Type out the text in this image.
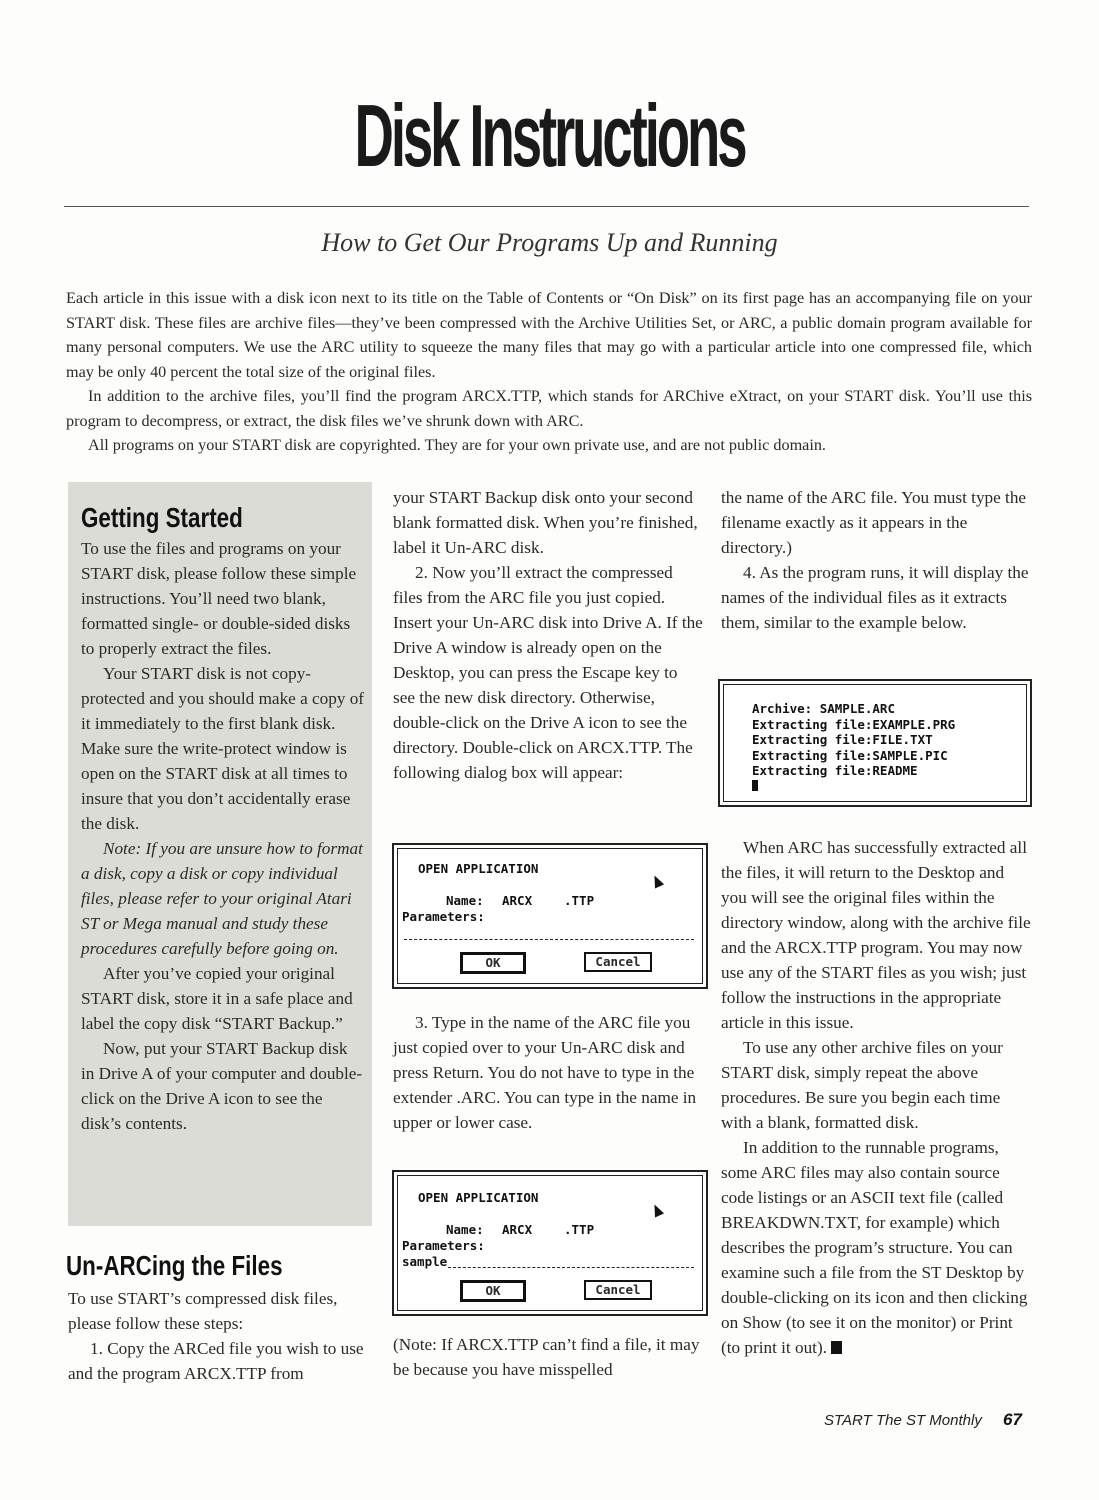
Disk Instructions
How to Get Our Programs Up and Running

Each article in this issue with a disk icon next to its title on the Table of Contents or “On Disk” on its first page has an accompanying file on your START disk. These files are archive files—they’ve been compressed with the Archive Utilities Set, or ARC, a public domain program available for many personal computers. We use the ARC utility to squeeze the many files that may go with a particular article into one compressed file, which may be only 40 percent the total size of the original files.

In addition to the archive files, you’ll find the program ARCX.TTP, which stands for ARChive eXtract, on your START disk. You’ll use this program to decompress, or extract, the disk files we’ve shrunk down with ARC.

All programs on your START disk are copyrighted. They are for your own private use, and are not public domain.

Getting Started

To use the files and programs on your START disk, please follow these simple instructions. You’ll need two blank, formatted single- or double-sided disks to properly extract the files.

Your START disk is not copy-protected and you should make a copy of it immediately to the first blank disk. Make sure the write-protect window is open on the START disk at all times to insure that you don’t accidentally erase the disk.

Note: If you are unsure how to format a disk, copy a disk or copy individual files, please refer to your original Atari ST or Mega manual and study these procedures carefully before going on.

After you’ve copied your original START disk, store it in a safe place and label the copy disk “START Backup.”

Now, put your START Backup disk in Drive A of your computer and double-click on the Drive A icon to see the disk’s contents.

Un-ARCing the Files

To use START’s compressed disk files, please follow these steps:

1. Copy the ARCed file you wish to use and the program ARCX.TTP from

your START Backup disk onto your second blank formatted disk. When you’re finished, label it Un-ARC disk.

2. Now you’ll extract the compressed files from the ARC file you just copied. Insert your Un-ARC disk into Drive A. If the Drive A window is already open on the Desktop, you can press the Escape key to see the new disk directory. Otherwise, double-click on the Drive A icon to see the directory. Double-click on ARCX.TTP. The following dialog box will appear:

OPEN APPLICATION
Name: ARCX	.TTP
Parameters:
OK	Cancel

3. Type in the name of the ARC file you just copied over to your Un-ARC disk and press Return. You do not have to type in the extender .ARC. You can type in the name in upper or lower case.

OPEN APPLICATION
Name: ARCX	.TTP
Parameters:
sample
OK	Cancel

(Note: If ARCX.TTP can’t find a file, it may be because you have misspelled

the name of the ARC file. You must type the filename exactly as it appears in the directory.)

4. As the program runs, it will display the names of the individual files as it extracts them, similar to the example below.

Archive: SAMPLE.ARC
Extracting file:EXAMPLE.PRG
Extracting file:FILE.TXT
Extracting file:SAMPLE.PIC
Extracting file:README

When ARC has successfully extracted all the files, it will return to the Desktop and you will see the original files within the directory window, along with the archive file and the ARCX.TTP program. You may now use any of the START files as you wish; just follow the instructions in the appropriate article in this issue.

To use any other archive files on your START disk, simply repeat the above procedures. Be sure you begin each time with a blank, formatted disk.

In addition to the runnable programs, some ARC files may also contain source code listings or an ASCII text file (called BREAKDWN.TXT, for example) which describes the program’s structure. You can examine such a file from the ST Desktop by double-clicking on its icon and then clicking on Show (to see it on the monitor) or Print (to print it out).

START The ST Monthly 67
